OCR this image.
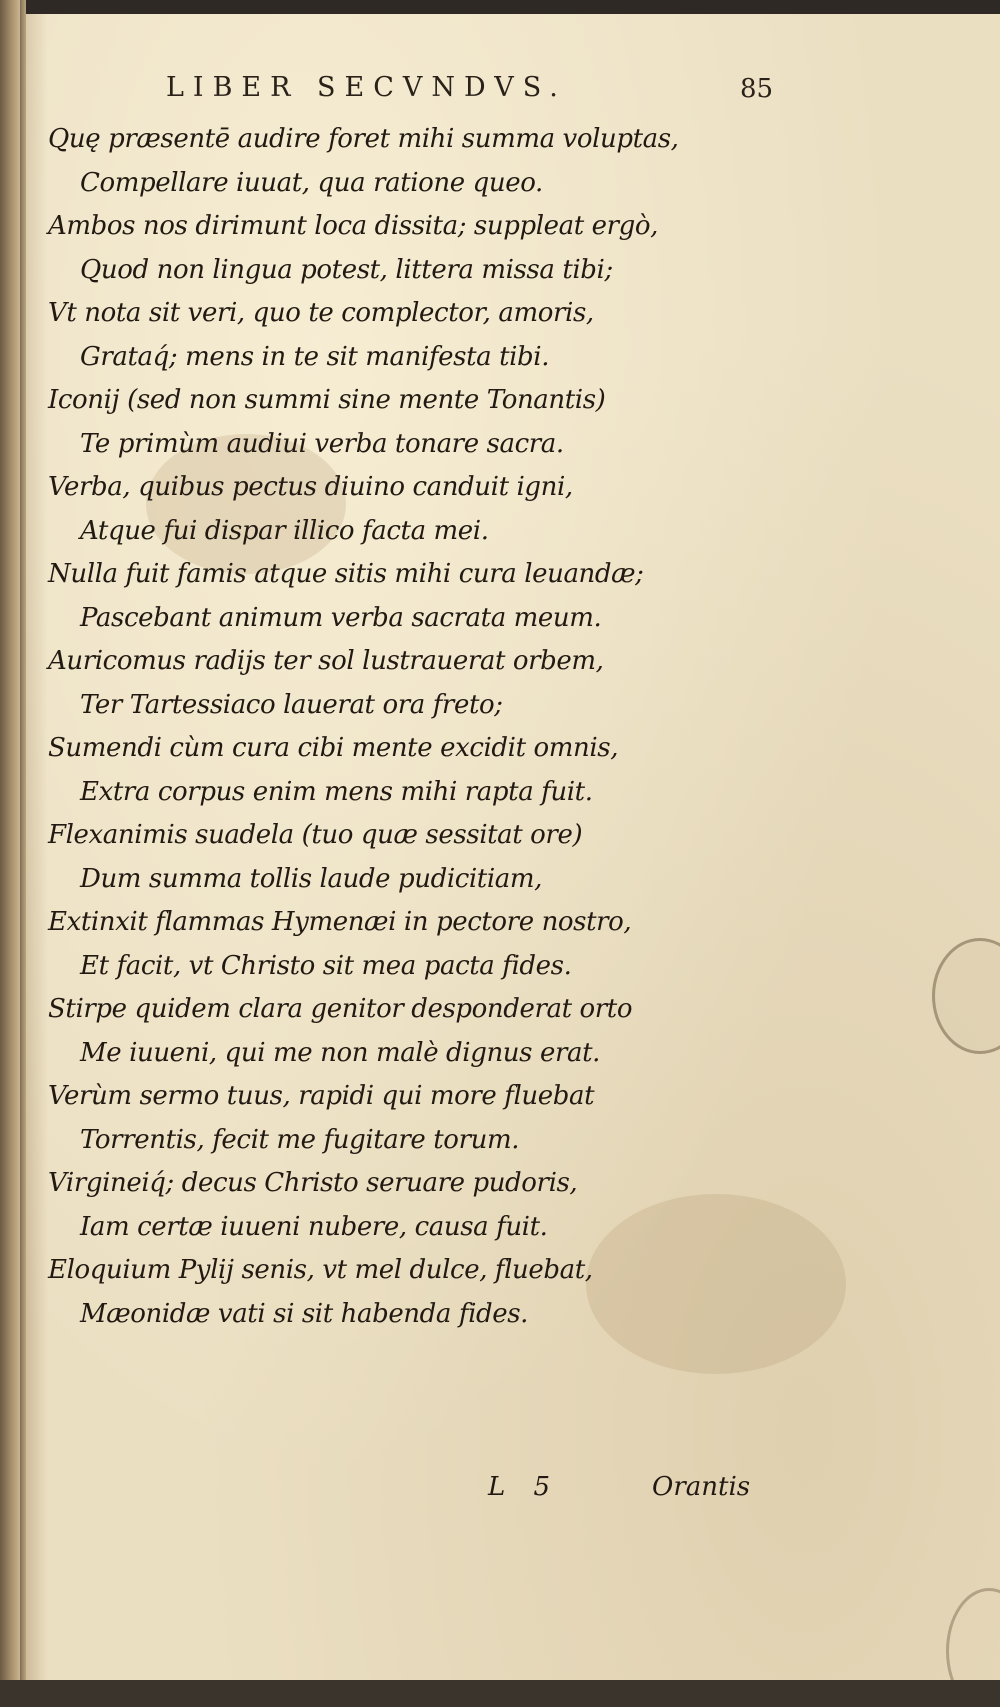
LIBER SECVNDVS.	85
Quę præsentē audire foret mihi summa voluptas,
Compellare iuuat, qua ratione queo.
Ambos nos dirimunt loca dissita; suppleat ergò,
Quod non lingua potest, littera missa tibi;
Vt nota sit veri, quo te complector, amoris,
Grataq́; mens in te sit manifesta tibi.
Iconij (sed non summi sine mente Tonantis)
Te primùm audiui verba tonare sacra.
Verba, quibus pectus diuino canduit igni,
Atque fui dispar illico facta mei.
Nulla fuit famis atque sitis mihi cura leuandæ;
Pascebant animum verba sacrata meum.
Auricomus radijs ter sol lustrauerat orbem,
Ter Tartessiaco lauerat ora freto;
Sumendi cùm cura cibi mente excidit omnis,
Extra corpus enim mens mihi rapta fuit.
Flexanimis suadela (tuo quæ sessitat ore)
Dum summa tollis laude pudicitiam,
Extinxit flammas Hymenæi in pectore nostro,
Et facit, vt Christo sit mea pacta fides.
Stirpe quidem clara genitor desponderat orto
Me iuueni, qui me non malè dignus erat.
Verùm sermo tuus, rapidi qui more fluebat
Torrentis, fecit me fugitare torum.
Virgineiq́; decus Christo seruare pudoris,
Iam certæ iuueni nubere, causa fuit.
Eloquium Pylij senis, vt mel dulce, fluebat,
Mæonidæ vati si sit habenda fides.
L 5	Orantis
